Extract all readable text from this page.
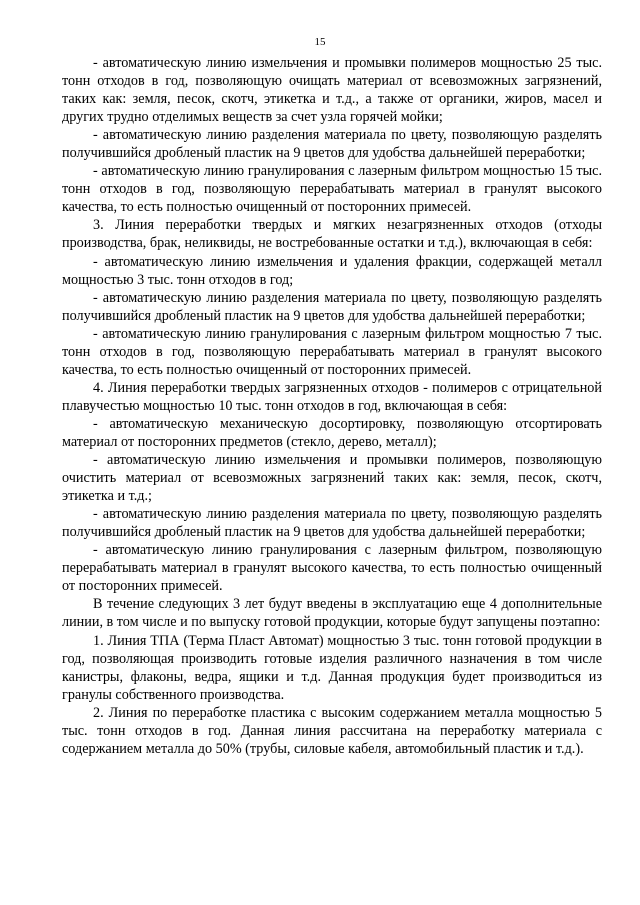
15

- автоматическую линию измельчения и промывки полимеров мощностью 25 тыс. тонн отходов в год, позволяющую очищать материал от всевозможных загрязнений, таких как: земля, песок, скотч, этикетка и т.д., а также от органики, жиров, масел и других трудно отделимых веществ за счет узла горячей мойки;

- автоматическую линию разделения материала по цвету, позволяющую разделять получившийся дробленый пластик на 9 цветов для удобства дальнейшей переработки;

- автоматическую линию гранулирования с лазерным фильтром мощностью 15 тыс. тонн отходов в год, позволяющую перерабатывать материал в гранулят высокого качества, то есть полностью очищенный от посторонних примесей.

3. Линия переработки твердых и мягких незагрязненных отходов (отходы производства, брак, неликвиды, не востребованные остатки и т.д.), включающая в себя:

- автоматическую линию измельчения и удаления фракции, содержащей металл мощностью 3 тыс. тонн отходов в год;

- автоматическую линию разделения материала по цвету, позволяющую разделять получившийся дробленый пластик на 9 цветов для удобства дальнейшей переработки;

- автоматическую линию гранулирования с лазерным фильтром мощностью 7 тыс. тонн отходов в год, позволяющую перерабатывать материал в гранулят высокого качества, то есть полностью очищенный от посторонних примесей.

4. Линия переработки твердых загрязненных отходов - полимеров с отрицательной плавучестью мощностью 10 тыс. тонн отходов в год, включающая в себя:

- автоматическую механическую досортировку, позволяющую отсортировать материал от посторонних предметов (стекло, дерево, металл);

- автоматическую линию измельчения и промывки полимеров, позволяющую очистить материал от всевозможных загрязнений таких как: земля, песок, скотч, этикетка и т.д.;

- автоматическую линию разделения материала по цвету, позволяющую разделять получившийся дробленый пластик на 9 цветов для удобства дальнейшей переработки;

- автоматическую линию гранулирования с лазерным фильтром, позволяющую перерабатывать материал в гранулят высокого качества, то есть полностью очищенный от посторонних примесей.

В течение следующих 3 лет будут введены в эксплуатацию еще 4 дополнительные линии, в том числе и по выпуску готовой продукции, которые будут запущены поэтапно:

1. Линия ТПА (Терма Пласт Автомат) мощностью 3 тыс. тонн готовой продукции в год, позволяющая производить готовые изделия различного назначения в том числе канистры, флаконы, ведра, ящики и т.д. Данная продукция будет производиться из гранулы собственного производства.

2. Линия по переработке пластика с высоким содержанием металла мощностью 5 тыс. тонн отходов в год. Данная линия рассчитана на переработку материала с содержанием металла до 50% (трубы, силовые кабеля, автомобильный пластик и т.д.).
